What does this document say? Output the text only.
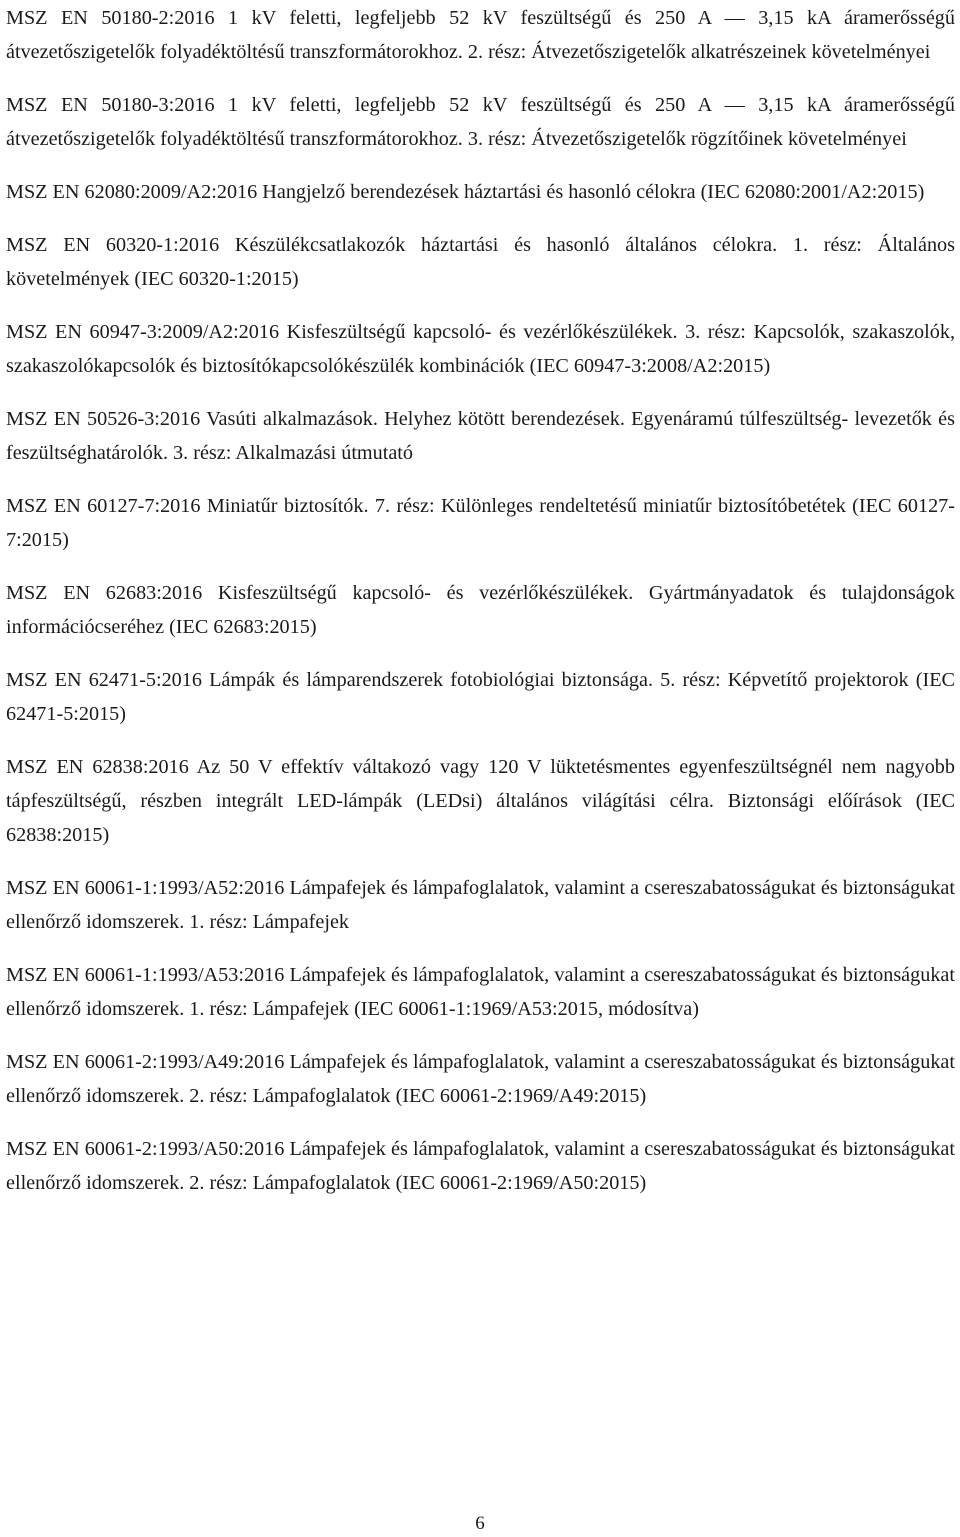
MSZ EN 50180-2:2016 1 kV feletti, legfeljebb 52 kV feszültségű és 250 A — 3,15 kA áramerősségű átvezetőszigetelők folyadéktöltésű transzformátorokhoz. 2. rész: Átvezetőszigetelők alkatrészeinek követelményei

MSZ EN 50180-3:2016 1 kV feletti, legfeljebb 52 kV feszültségű és 250 A — 3,15 kA áramerősségű átvezetőszigetelők folyadéktöltésű transzformátorokhoz. 3. rész: Átvezetőszigetelők rögzítőinek követelményei

MSZ EN 62080:2009/A2:2016 Hangjelző berendezések háztartási és hasonló célokra (IEC 62080:2001/A2:2015)

MSZ EN 60320-1:2016 Készülékcsatlakozók háztartási és hasonló általános célokra. 1. rész: Általános követelmények (IEC 60320-1:2015)

MSZ EN 60947-3:2009/A2:2016 Kisfeszültségű kapcsoló- és vezérlőkészülékek. 3. rész: Kapcsolók, szakaszolók, szakaszolókapcsolók és biztosítókapcsolókészülék kombinációk (IEC 60947-3:2008/A2:2015)

MSZ EN 50526-3:2016 Vasúti alkalmazások. Helyhez kötött berendezések. Egyenáramú túlfeszültség- levezetők és feszültséghatárolók. 3. rész: Alkalmazási útmutató

MSZ EN 60127-7:2016 Miniatűr biztosítók. 7. rész: Különleges rendeltetésű miniatűr biztosítóbetétek (IEC 60127-7:2015)

MSZ EN 62683:2016 Kisfeszültségű kapcsoló- és vezérlőkészülékek. Gyártmányadatok és tulajdonságok információcseréhez (IEC 62683:2015)

MSZ EN 62471-5:2016 Lámpák és lámparendszerek fotobiológiai biztonsága. 5. rész: Képvetítő projektorok (IEC 62471-5:2015)

MSZ EN 62838:2016 Az 50 V effektív váltakozó vagy 120 V lüktetésmentes egyenfeszültségnél nem nagyobb tápfeszültségű, részben integrált LED-lámpák (LEDsi) általános világítási célra. Biztonsági előírások (IEC 62838:2015)

MSZ EN 60061-1:1993/A52:2016 Lámpafejek és lámpafoglalatok, valamint a csereszabatosságukat és biztonságukat ellenőrző idomszerek. 1. rész: Lámpafejek

MSZ EN 60061-1:1993/A53:2016 Lámpafejek és lámpafoglalatok, valamint a csereszabatosságukat és biztonságukat ellenőrző idomszerek. 1. rész: Lámpafejek (IEC 60061-1:1969/A53:2015, módosítva)

MSZ EN 60061-2:1993/A49:2016 Lámpafejek és lámpafoglalatok, valamint a csereszabatosságukat és biztonságukat ellenőrző idomszerek. 2. rész: Lámpafoglalatok (IEC 60061-2:1969/A49:2015)

MSZ EN 60061-2:1993/A50:2016 Lámpafejek és lámpafoglalatok, valamint a csereszabatosságukat és biztonságukat ellenőrző idomszerek. 2. rész: Lámpafoglalatok (IEC 60061-2:1969/A50:2015)

6
